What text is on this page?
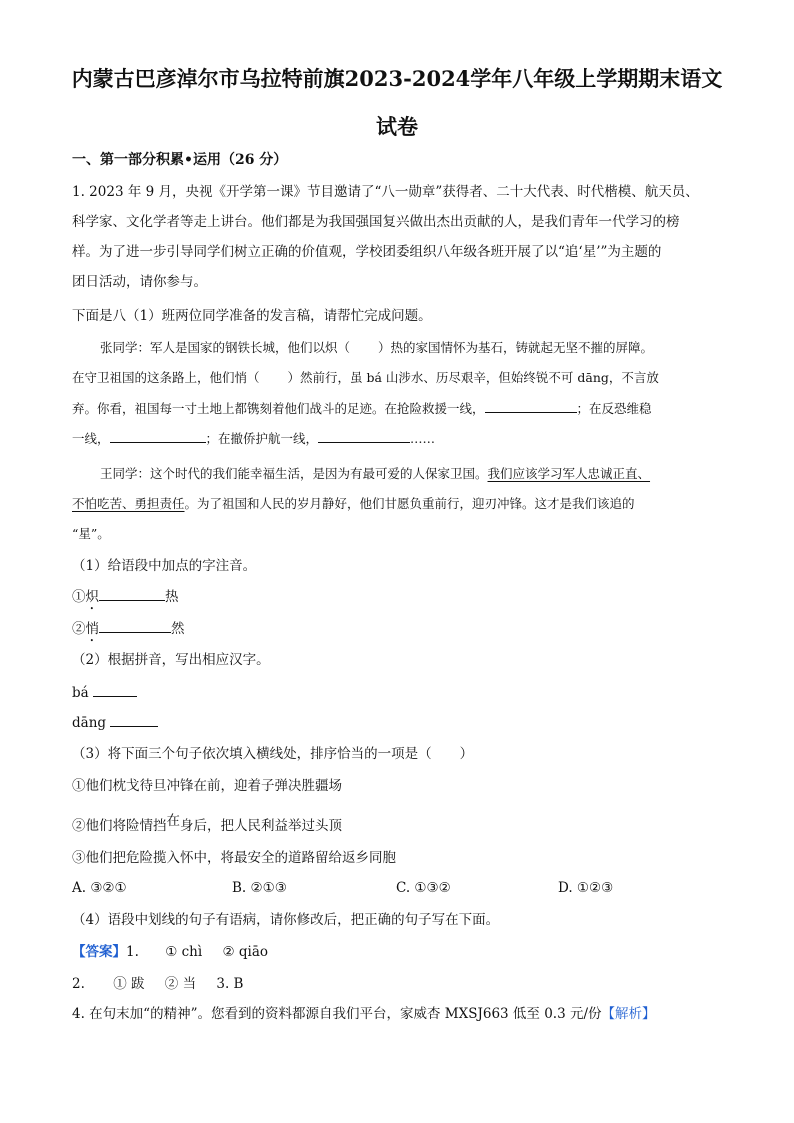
内蒙古巴彦淖尔市乌拉特前旗2023-2024学年八年级上学期期末语文
试卷
一、第一部分积累•运用（26 分）
1. 2023 年 9 月，央视《开学第一课》节目邀请了“八一勋章”获得者、二十大代表、时代楷模、航天员、
科学家、文化学者等走上讲台。他们都是为我国强国复兴做出杰出贡献的人，是我们青年一代学习的榜
样。为了进一步引导同学们树立正确的价值观，学校团委组织八年级各班开展了以“追‘星’”为主题的
团日活动，请你参与。
下面是八（1）班两位同学准备的发言稿，请帮忙完成问题。
张同学：军人是国家的钢铁长城，他们以炽（ ）热的家国情怀为基石，铸就起无坚不摧的屏障。
在守卫祖国的这条路上，他们悄（ ）然前行，虽 bá 山涉水、历尽艰辛，但始终锐不可 dāng，不言放
弃。你看，祖国每一寸土地上都镌刻着他们战斗的足迹。在抢险救援一线，	；在反恐维稳
一线，	；在撤侨护航一线，	……
王同学：这个时代的我们能幸福生活，是因为有最可爱的人保家卫国。我们应该学习军人忠诚正直、
不怕吃苦、勇担责任。为了祖国和人民的岁月静好，他们甘愿负重前行，迎刃冲锋。这才是我们该追的
“星”。
（1）给语段中加点的字注音。
①炽	热
②悄	然
（2）根据拼音，写出相应汉字。
bá
dāng
（3）将下面三个句子依次填入横线处，排序恰当的一项是（ ）
①他们枕戈待旦冲锋在前，迎着子弹决胜疆场
②他们将险情挡在身后，把人民利益举过头顶
③他们把危险揽入怀中，将最安全的道路留给返乡同胞
A. ③②①	B. ②①③	C. ①③②	D. ①②③
（4）语段中划线的句子有语病，请你修改后，把正确的句子写在下面。
【答案】1. ① chì ② qiāo
2. ① 跋 ② 当 3. B
4. 在句末加“的精神”。您看到的资料都源自我们平台，家威杏 MXSJ663 低至 0.3 元/份【解析】
